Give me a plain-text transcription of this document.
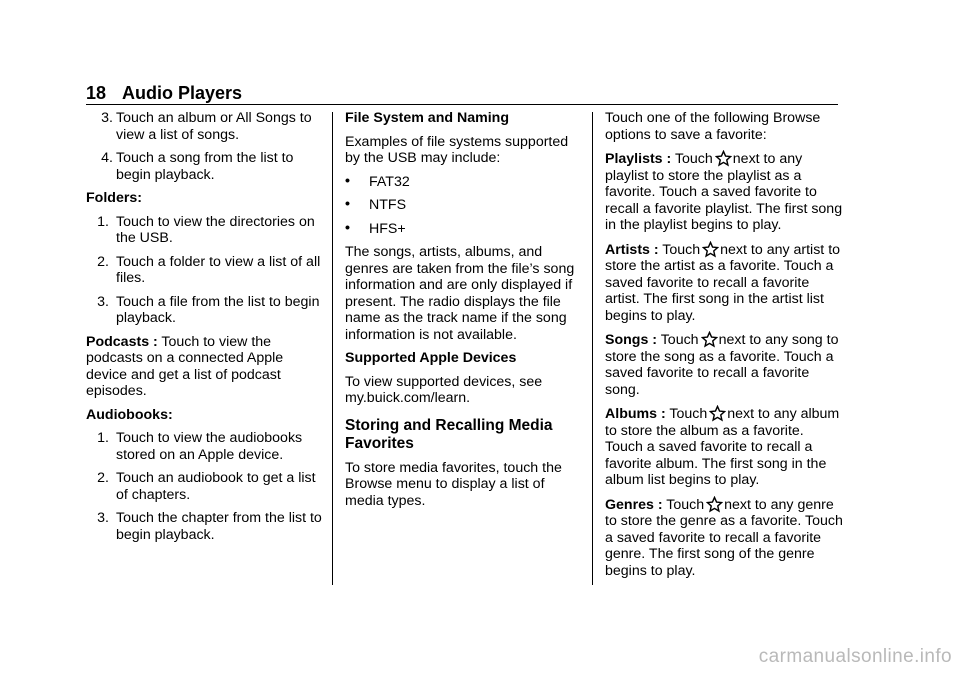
18 Audio Players
3. Touch an album or All Songs to view a list of songs.
4. Touch a song from the list to begin playback.

Folders:

1. Touch to view the directories on the USB.
2. Touch a folder to view a list of all files.
3. Touch a file from the list to begin playback.

Podcasts : Touch to view the podcasts on a connected Apple device and get a list of podcast episodes.

Audiobooks:

1. Touch to view the audiobooks stored on an Apple device.
2. Touch an audiobook to get a list of chapters.
3. Touch the chapter from the list to begin playback.

File System and Naming

Examples of file systems supported by the USB may include:

• FAT32
• NTFS
• HFS+

The songs, artists, albums, and genres are taken from the file’s song information and are only displayed if present. The radio displays the file name as the track name if the song information is not available.

Supported Apple Devices

To view supported devices, see my.buick.com/learn.

Storing and Recalling Media Favorites

To store media favorites, touch the Browse menu to display a list of media types.

Touch one of the following Browse options to save a favorite:

Playlists : Touch next to any playlist to store the playlist as a favorite. Touch a saved favorite to recall a favorite playlist. The first song in the playlist begins to play.

Artists : Touch next to any artist to store the artist as a favorite. Touch a saved favorite to recall a favorite artist. The first song in the artist list begins to play.

Songs : Touch next to any song to store the song as a favorite. Touch a saved favorite to recall a favorite song.

Albums : Touch next to any album to store the album as a favorite. Touch a saved favorite to recall a favorite album. The first song in the album list begins to play.

Genres : Touch next to any genre to store the genre as a favorite. Touch a saved favorite to recall a favorite genre. The first song of the genre begins to play.

carmanualsonline.info
